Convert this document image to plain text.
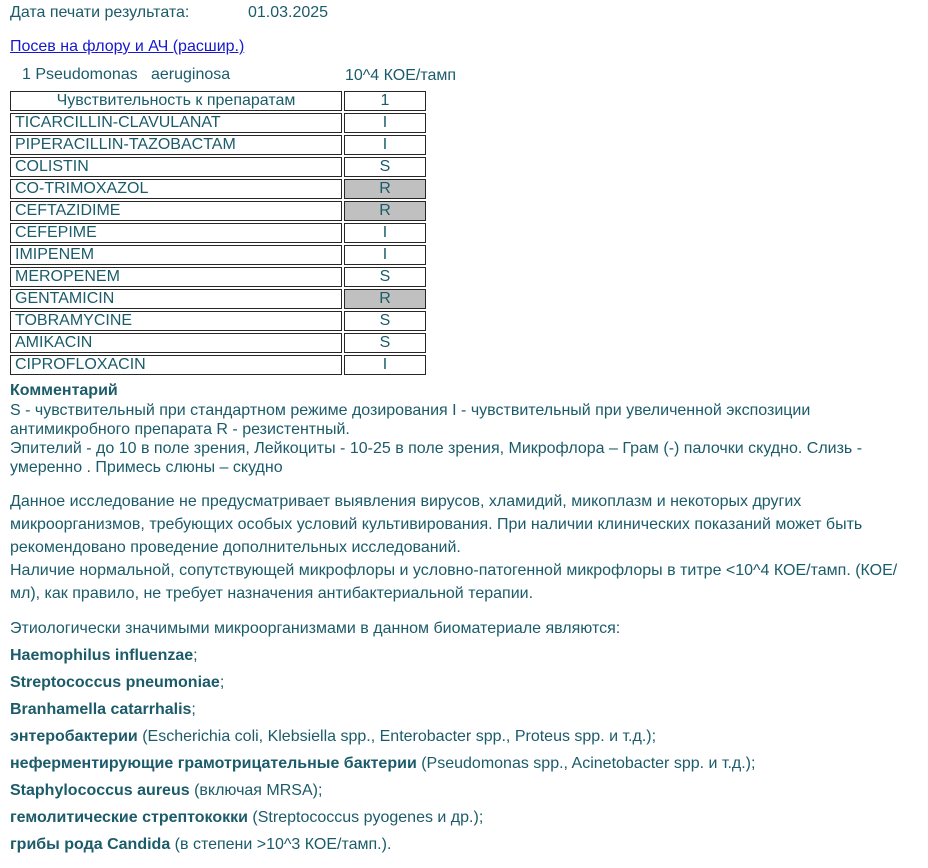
Дата печати результата:	01.03.2025
Посев на флору и АЧ (расшир.)
1 Pseudomonas   aeruginosa	10^4 КОЕ/тамп
Чувствительность к препаратам	1
TICARCILLIN-CLAVULANAT	I
PIPERACILLIN-TAZOBACTAM	I
COLISTIN	S
CO-TRIMOXAZOL	R
CEFTAZIDIME	R
CEFEPIME	I
IMIPENEM	I
MEROPENEM	S
GENTAMICIN	R
TOBRAMYCINE	S
AMIKACIN	S
CIPROFLOXACIN	I
Комментарий

S - чувствительный при стандартном режиме дозирования I - чувствительный при увеличенной экспозиции антимикробного препарата R - резистентный.

Эпителий - до 10 в поле зрения, Лейкоциты - 10-25 в поле зрения, Микрофлора – Грам (-) палочки скудно. Слизь - умеренно . Примесь слюны – скудно

Данное исследование не предусматривает выявления вирусов, хламидий, микоплазм и некоторых других микроорганизмов, требующих особых условий культивирования. При наличии клинических показаний может быть рекомендовано проведение дополнительных исследований.

Наличие нормальной, сопутствующей микрофлоры и условно-патогенной микрофлоры в титре <10^4 КОЕ/тамп. (КОЕ/мл), как правило, не требует назначения антибактериальной терапии.

Этиологически значимыми микроорганизмами в данном биоматериале являются:

Haemophilus influenzae;
Streptococcus pneumoniae;
Branhamella catarrhalis;
энтеробактерии (Escherichia coli, Klebsiella spp., Enterobacter spp., Proteus spp. и т.д.);
неферментирующие грамотрицательные бактерии (Pseudomonas spp., Acinetobacter spp. и т.д.);
Staphylococcus aureus (включая MRSA);
гемолитические стрептококки (Streptococcus pyogenes и др.);
грибы рода Candida (в степени >10^3 КОЕ/тамп.).
